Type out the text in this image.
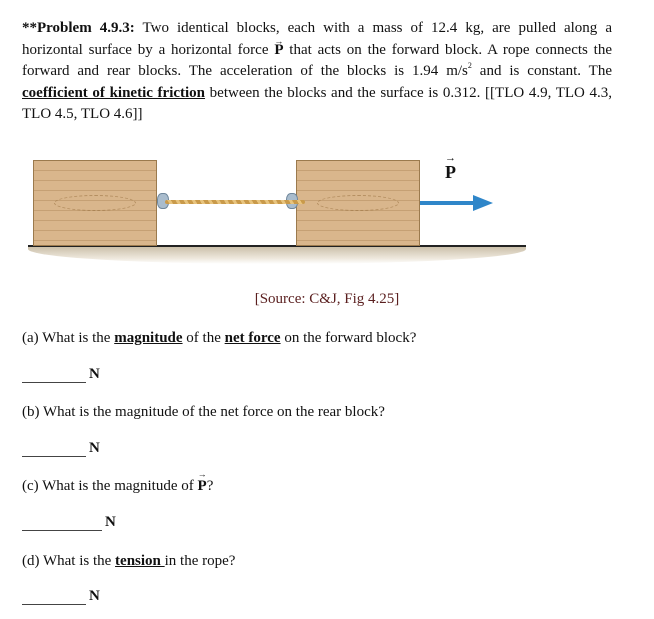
**Problem 4.9.3: Two identical blocks, each with a mass of 12.4 kg, are pulled along a horizontal surface by a horizontal force → P that acts on the forward block. A rope connects the forward and rear blocks. The acceleration of the blocks is 1.94 $m/s^2$ and is constant. The coefficient of kinetic friction between the blocks and the surface is 0.312. [[TLO 4.9, TLO 4.3, TLO 4.5, TLO 4.6]]
→ P
[Source: C&J, Fig 4.25]
(a) What is the magnitude of the net force on the forward block?
N
(b) What is the magnitude of the net force on the rear block?
N
(c) What is the magnitude of → P?
N
(d) What is the tension in the rope?
N
